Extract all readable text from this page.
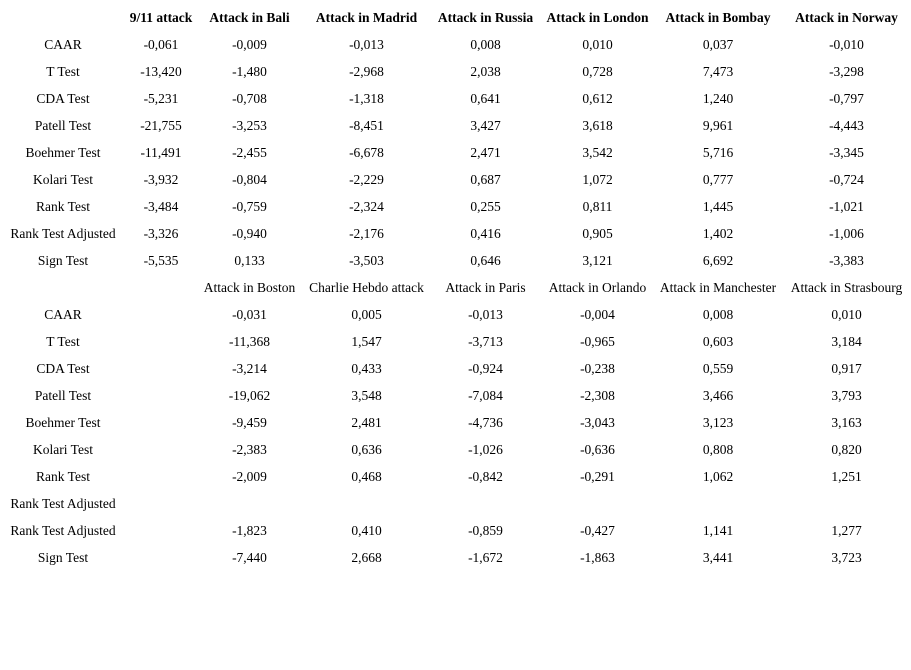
	9/11 attack	Attack in Bali	Attack in Madrid	Attack in Russia	Attack in London	Attack in Bombay	Attack in Norway
CAAR	-0,061	-0,009	-0,013	0,008	0,010	0,037	-0,010
T Test	-13,420	-1,480	-2,968	2,038	0,728	7,473	-3,298
CDA Test	-5,231	-0,708	-1,318	0,641	0,612	1,240	-0,797
Patell Test	-21,755	-3,253	-8,451	3,427	3,618	9,961	-4,443
Boehmer Test	-11,491	-2,455	-6,678	2,471	3,542	5,716	-3,345
Kolari Test	-3,932	-0,804	-2,229	0,687	1,072	0,777	-0,724
Rank Test	-3,484	-0,759	-2,324	0,255	0,811	1,445	-1,021
Rank Test Adjusted	-3,326	-0,940	-2,176	0,416	0,905	1,402	-1,006
Sign Test	-5,535	0,133	-3,503	0,646	3,121	6,692	-3,383
		Attack in Boston	Charlie Hebdo attack	Attack in Paris	Attack in Orlando	Attack in Manchester	Attack in Strasbourg
CAAR		-0,031	0,005	-0,013	-0,004	0,008	0,010
T Test		-11,368	1,547	-3,713	-0,965	0,603	3,184
CDA Test		-3,214	0,433	-0,924	-0,238	0,559	0,917
Patell Test		-19,062	3,548	-7,084	-2,308	3,466	3,793
Boehmer Test		-9,459	2,481	-4,736	-3,043	3,123	3,163
Kolari Test		-2,383	0,636	-1,026	-0,636	0,808	0,820
Rank Test		-2,009	0,468	-0,842	-0,291	1,062	1,251
Rank Test Adjusted							
Rank Test Adjusted		-1,823	0,410	-0,859	-0,427	1,141	1,277
Sign Test		-7,440	2,668	-1,672	-1,863	3,441	3,723
